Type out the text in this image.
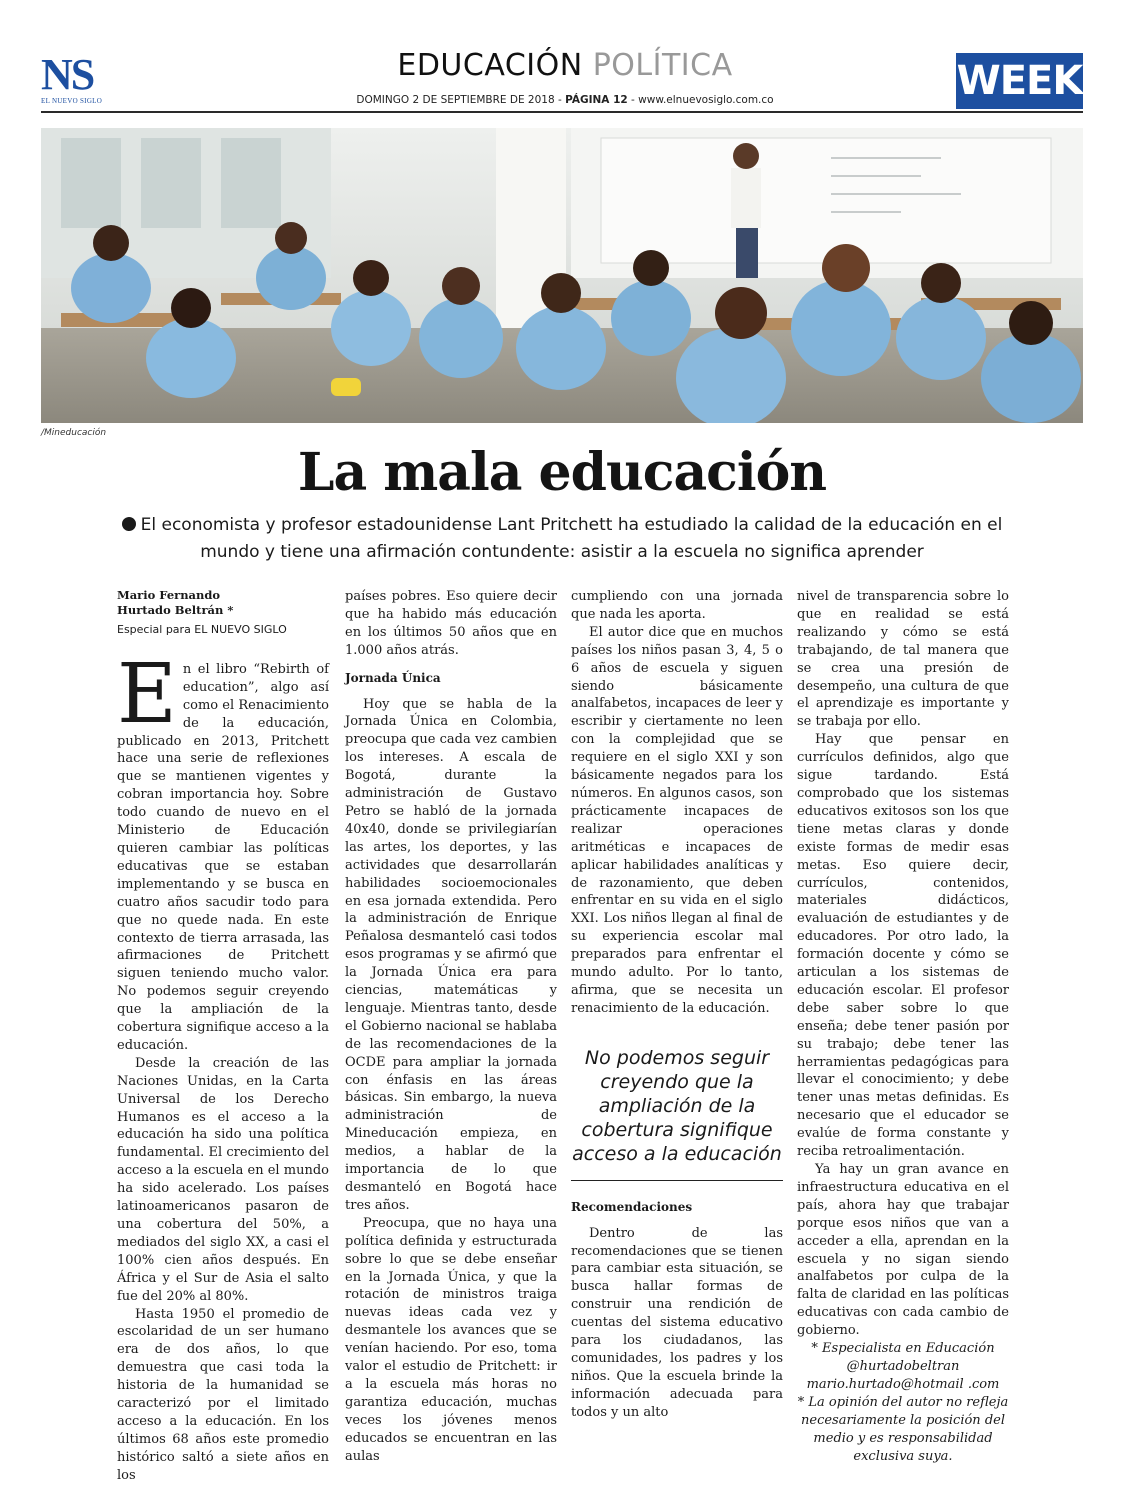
NS
EL NUEVO SIGLO
EDUCACIÓN POLÍTICA
DOMINGO 2 DE SEPTIEMBRE DE 2018 - PÁGINA 12 - www.elnuevosiglo.com.co	WEEK
/Mineducación
La mala educación
El economista y profesor estadounidense Lant Pritchett ha estudiado la calidad de la educación en el mundo y tiene una afirmación contundente: asistir a la escuela no significa aprender
Mario Fernando
Hurtado Beltrán *
Especial para EL NUEVO SIGLO

En el libro “Rebirth of education”, algo así como el Renacimiento de la educación, publicado en 2013, Pritchett hace una serie de reflexiones que se mantienen vigentes y cobran importancia hoy. Sobre todo cuando de nuevo en el Ministerio de Educación quieren cambiar las políticas educativas que se estaban implementando y se busca en cuatro años sacudir todo para que no quede nada. En este contexto de tierra arrasada, las afirmaciones de Pritchett siguen teniendo mucho valor. No podemos seguir creyendo que la ampliación de la cobertura signifique acceso a la educación.

Desde la creación de las Naciones Unidas, en la Carta Universal de los Derecho Humanos es el acceso a la educación ha sido una política fundamental. El crecimiento del acceso a la escuela en el mundo ha sido acelerado. Los países latinoamericanos pasaron de una cobertura del 50%, a mediados del siglo XX, a casi el 100% cien años después. En África y el Sur de Asia el salto fue del 20% al 80%.

Hasta 1950 el promedio de escolaridad de un ser humano era de dos años, lo que demuestra que casi toda la historia de la humanidad se caracterizó por el limitado acceso a la educación. En los últimos 68 años este promedio histórico saltó a siete años en los

países pobres. Eso quiere decir que ha habido más educación en los últimos 50 años que en 1.000 años atrás.

Jornada Única

Hoy que se habla de la Jornada Única en Colombia, preocupa que cada vez cambien los intereses. A escala de Bogotá, durante la administración de Gustavo Petro se habló de la jornada 40x40, donde se privilegiarían las artes, los deportes, y las actividades que desarrollarán habilidades socioemocionales en esa jornada extendida. Pero la administración de Enrique Peñalosa desmanteló casi todos esos programas y se afirmó que la Jornada Única era para ciencias, matemáticas y lenguaje. Mientras tanto, desde el Gobierno nacional se hablaba de las recomendaciones de la OCDE para ampliar la jornada con énfasis en las áreas básicas. Sin embargo, la nueva administración de Mineducación empieza, en medios, a hablar de la importancia de lo que desmanteló en Bogotá hace tres años.

Preocupa, que no haya una política definida y estructurada sobre lo que se debe enseñar en la Jornada Única, y que la rotación de ministros traiga nuevas ideas cada vez y desmantele los avances que se venían haciendo. Por eso, toma valor el estudio de Pritchett: ir a la escuela más horas no garantiza educación, muchas veces los jóvenes menos educados se encuentran en las aulas

cumpliendo con una jornada que nada les aporta.

El autor dice que en muchos países los niños pasan 3, 4, 5 o 6 años de escuela y siguen siendo básicamente analfabetos, incapaces de leer y escribir y ciertamente no leen con la complejidad que se requiere en el siglo XXI y son básicamente negados para los números. En algunos casos, son prácticamente incapaces de realizar operaciones aritméticas e incapaces de aplicar habilidades analíticas y de razonamiento, que deben enfrentar en su vida en el siglo XXI. Los niños llegan al final de su experiencia escolar mal preparados para enfrentar el mundo adulto. Por lo tanto, afirma, que se necesita un renacimiento de la educación.

No podemos seguir creyendo que la ampliación de la cobertura signifique acceso a la educación
Recomendaciones

Dentro de las recomendaciones que se tienen para cambiar esta situación, se busca hallar formas de construir una rendición de cuentas del sistema educativo para los ciudadanos, las comunidades, los padres y los niños. Que la escuela brinde la información adecuada para todos y un alto

nivel de transparencia sobre lo que en realidad se está realizando y cómo se está trabajando, de tal manera que se crea una presión de desempeño, una cultura de que el aprendizaje es importante y se trabaja por ello.

Hay que pensar en currículos definidos, algo que sigue tardando. Está comprobado que los sistemas educativos exitosos son los que tiene metas claras y donde existe formas de medir esas metas. Eso quiere decir, currículos, contenidos, materiales didácticos, evaluación de estudiantes y de educadores. Por otro lado, la formación docente y cómo se articulan a los sistemas de educación escolar. El profesor debe saber sobre lo que enseña; debe tener pasión por su trabajo; debe tener las herramientas pedagógicas para llevar el conocimiento; y debe tener unas metas definidas. Es necesario que el educador se evalúe de forma constante y reciba retroalimentación.

Ya hay un gran avance en infraestructura educativa en el país, ahora hay que trabajar porque esos niños que van a acceder a ella, aprendan en la escuela y no sigan siendo analfabetos por culpa de la falta de claridad en las políticas educativas con cada cambio de gobierno.

* Especialista en Educación

@hurtadobeltran mario.hurtado@hotmail .com

* La opinión del autor no refleja necesariamente la posición del medio y es responsabilidad exclusiva suya.
